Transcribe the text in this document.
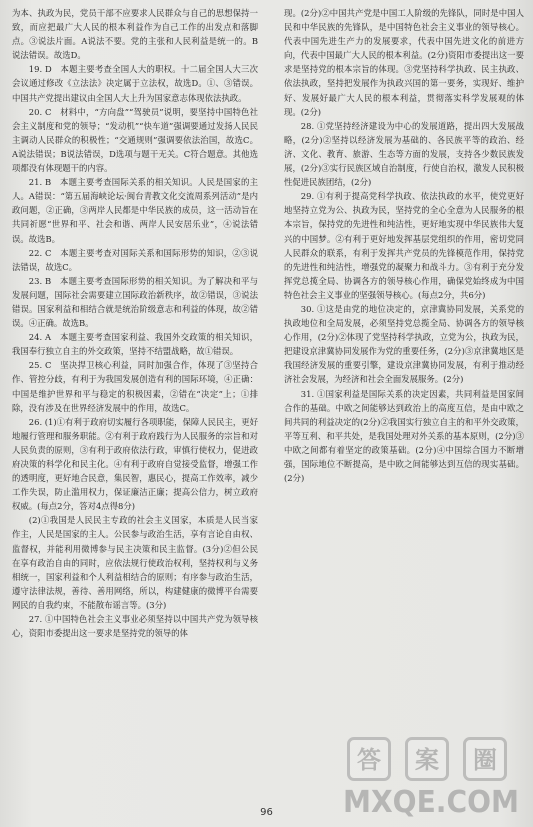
为本、执政为民，党员干部不应要求人民群众与自己的思想保持一致，而应把最广大人民的根本利益作为自己工作的出发点和落脚点。③说法片面。A说法不要。党的主张和人民利益是统一的。B说法错误。故选D。

19. D　本题主要考查全国人大的职权。十二届全国人大三次会议通过修改《立法法》决定属于立法权，故选D。①、③错误。中国共产党提出建议由全国人大上升为国家意志体现依法执政。

20. C　材料中，“方向盘”“驾驶员”说明，要坚持中国特色社会主义制度和党的领导；“发动机”“快车道”强调要通过发扬人民民主调动人民群众的积极性；“交通规则”强调要依法治国，故选C。A说法错误；B说法错误，D选项与题干无关。C符合题意。其他选项都没有体现题干的内容。

21. B　本题主要考查国际关系的相关知识。人民是国家的主人。A错误：“第五届海峡论坛·闽台青教文化交流周系列活动”是内政问题，②正确，③两岸人民都是中华民族的成员，这一活动旨在共同祈愿“世界和平、社会和谐、两岸人民安居乐业”，④说法错误。故选B。

22. C　本题主要考查对国际关系和国际形势的知识，②③说法错误，故选C。

23. B　本题主要考查国际形势的相关知识。为了解决和平与发展问题，国际社会需要建立国际政治新秩序，故②错误，③说法错误。国家利益和相结合就是统治阶级意志和利益的体现，故②错误。④正确。故选B。

24. A　本题主要考查国家利益、我国外交政策的相关知识，我国奉行独立自主的外交政策，坚持不结盟战略，故①错误。

25. C　坚决捍卫核心利益，同时加强合作，体现了③坚持合作、管控分歧，有利于为我国发展创造有利的国际环境，④正确：中国是维护世界和平与稳定的积极因素，②错在“决定”上；①排除，没有涉及在世界经济发展中的作用，故选C。

26. (1)①有利于政府切实履行各项职能，保障人民民主，更好地履行管理和服务职能。②有利于政府践行为人民服务的宗旨和对人民负责的原则，③有利于政府依法行政，审慎行使权力，促进政府决策的科学化和民主化。④有利于政府自觉接受监督，增强工作的透明度，更好地合民意，集民智，惠民心，提高工作效率，减少工作失误，防止滥用权力，保证廉洁正廉；提高公信力，树立政府权威。(每点2分，答对4点得8分)

(2)①我国是人民民主专政的社会主义国家，本质是人民当家作主，人民是国家的主人。公民参与政治生活，享有言论自由权、监督权，并能利用微博参与民主决策和民主监督。(3分)②但公民在享有政治自由的同时，应依法规行使政治权利，坚持权利与义务相统一，国家利益和个人利益相结合的原则；有序参与政治生活，遵守法律法规，善待、善用网络，所以，构建健康的微博平台需要网民的自我约束，不能散布谣言等。(3分)

27. ①中国特色社会主义事业必须坚持以中国共产党为领导核心，资阳市委提出这一要求是坚持党的领导的体

现。(2分)②中国共产党是中国工人阶级的先锋队，同时是中国人民和中华民族的先锋队，是中国特色社会主义事业的领导核心。代表中国先进生产力的发展要求，代表中国先进文化的前进方向，代表中国最广大人民的根本利益。(2分)资阳市委提出这一要求是坚持党的根本宗旨的体现。③党坚持科学执政、民主执政、依法执政，坚持把发展作为执政兴国的第一要务，实现好、维护好、发展好最广大人民的根本利益，贯彻落实科学发展观的体现。(2分)

28. ①党坚持经济建设为中心的发展道路，提出四大发展战略，(2分)②坚持以经济发展为基础的、各民族平等的政治、经济、文化、教育、旅游、生态等方面的发展，支持各少数民族发展，(2分)③实行民族区域自治制度，行使自治权，激发人民积极性促进民族团结，(2分)

29. ①有利于提高党科学执政、依法执政的水平，使党更好地坚持立党为公、执政为民，坚持党的全心全意为人民服务的根本宗旨，保持党的先进性和纯洁性，更好地实现中华民族伟大复兴的中国梦。②有利于更好地发挥基层党组织的作用，密切党同人民群众的联系，有利于发挥共产党员的先锋模范作用，保持党的先进性和纯洁性，增强党的凝聚力和战斗力。③有利于充分发挥党总揽全局、协调各方的领导核心作用，确保党始终成为中国特色社会主义事业的坚强领导核心。(每点2分，共6分)

30. ①这是由党的地位决定的，京津冀协同发展，关系党的执政地位和全局发展，必须坚持党总揽全局、协调各方的领导核心作用，(2分)②体现了党坚持科学执政，立党为公，执政为民，把建设京津冀协同发展作为党的重要任务，(2分)③京津冀地区是我国经济发展的重要引擎，建设京津冀协同发展，有利于推动经济社会发展，为经济和社会全面发展服务。(2分)

31. ①国家利益是国际关系的决定因素，共同利益是国家间合作的基础。中欧之间能够达到政治上的高度互信，是由中欧之间共同的利益决定的(2分)②我国实行独立自主的和平外交政策，平等互利、和平共处，是我国处理对外关系的基本原则，(2分)③中欧之间都有着坚定的政策基础。(2分)④中国综合国力不断增强，国际地位不断提高，是中欧之间能够达到互信的现实基础。(2分)

96
答 案 圈
MXQE.COM
